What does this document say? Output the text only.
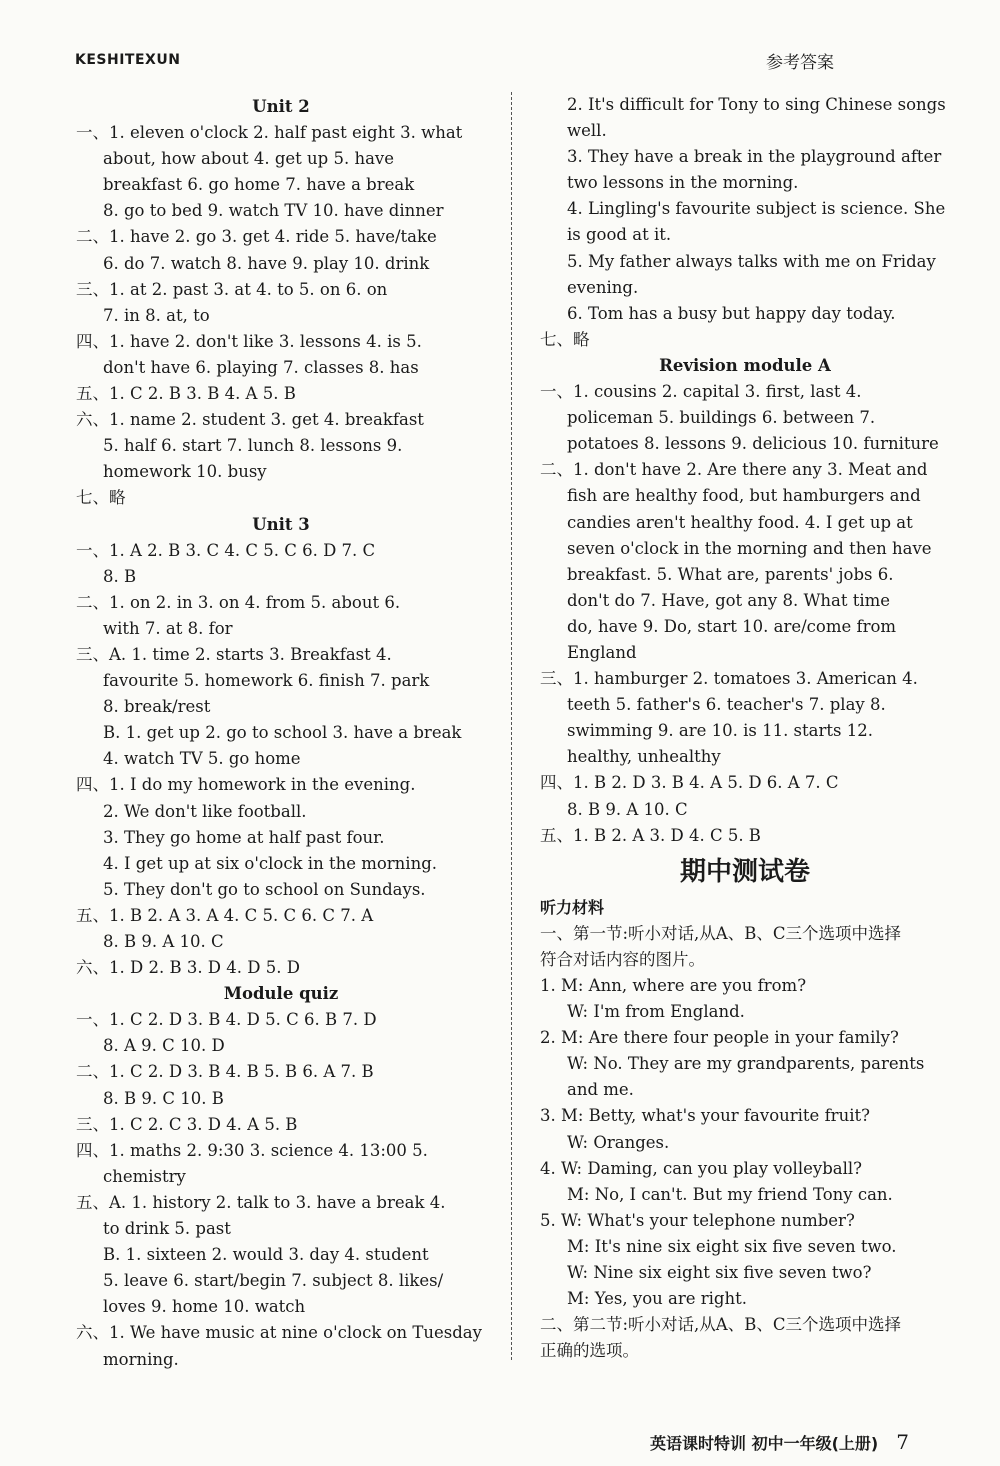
KESHITEXUN	参考答案
Unit 2
一、1. eleven o'clock 2. half past eight 3. what
about, how about 4. get up 5. have
breakfast 6. go home 7. have a break
8. go to bed 9. watch TV 10. have dinner
二、1. have 2. go 3. get 4. ride 5. have/take
6. do 7. watch 8. have 9. play 10. drink
三、1. at 2. past 3. at 4. to 5. on 6. on
7. in 8. at, to
四、1. have 2. don't like 3. lessons 4. is 5.
don't have 6. playing 7. classes 8. has
五、1. C 2. B 3. B 4. A 5. B
六、1. name 2. student 3. get 4. breakfast
5. half 6. start 7. lunch 8. lessons 9.
homework 10. busy
七、略
Unit 3
一、1. A 2. B 3. C 4. C 5. C 6. D 7. C
8. B
二、1. on 2. in 3. on 4. from 5. about 6.
with 7. at 8. for
三、A. 1. time 2. starts 3. Breakfast 4.
favourite 5. homework 6. finish 7. park
8. break/rest
B. 1. get up 2. go to school 3. have a break
4. watch TV 5. go home
四、1. I do my homework in the evening.
2. We don't like football.
3. They go home at half past four.
4. I get up at six o'clock in the morning.
5. They don't go to school on Sundays.
五、1. B 2. A 3. A 4. C 5. C 6. C 7. A
8. B 9. A 10. C
六、1. D 2. B 3. D 4. D 5. D
Module quiz
一、1. C 2. D 3. B 4. D 5. C 6. B 7. D
8. A 9. C 10. D
二、1. C 2. D 3. B 4. B 5. B 6. A 7. B
8. B 9. C 10. B
三、1. C 2. C 3. D 4. A 5. B
四、1. maths 2. 9:30 3. science 4. 13:00 5.
chemistry
五、A. 1. history 2. talk to 3. have a break 4.
to drink 5. past
B. 1. sixteen 2. would 3. day 4. student
5. leave 6. start/begin 7. subject 8. likes/
loves 9. home 10. watch
六、1. We have music at nine o'clock on Tuesday
morning.
2. It's difficult for Tony to sing Chinese songs
well.
3. They have a break in the playground after
two lessons in the morning.
4. Lingling's favourite subject is science. She
is good at it.
5. My father always talks with me on Friday
evening.
6. Tom has a busy but happy day today.
七、略
Revision module A
一、1. cousins 2. capital 3. first, last 4.
policeman 5. buildings 6. between 7.
potatoes 8. lessons 9. delicious 10. furniture
二、1. don't have 2. Are there any 3. Meat and
fish are healthy food, but hamburgers and
candies aren't healthy food. 4. I get up at
seven o'clock in the morning and then have
breakfast. 5. What are, parents' jobs 6.
don't do 7. Have, got any 8. What time
do, have 9. Do, start 10. are/come from
England
三、1. hamburger 2. tomatoes 3. American 4.
teeth 5. father's 6. teacher's 7. play 8.
swimming 9. are 10. is 11. starts 12.
healthy, unhealthy
四、1. B 2. D 3. B 4. A 5. D 6. A 7. C
8. B 9. A 10. C
五、1. B 2. A 3. D 4. C 5. B
期中测试卷
听力材料
一、第一节:听小对话,从A、B、C三个选项中选择
符合对话内容的图片。
1. M: Ann, where are you from?
W: I'm from England.
2. M: Are there four people in your family?
W: No. They are my grandparents, parents
and me.
3. M: Betty, what's your favourite fruit?
W: Oranges.
4. W: Daming, can you play volleyball?
M: No, I can't. But my friend Tony can.
5. W: What's your telephone number?
M: It's nine six eight six five seven two.
W: Nine six eight six five seven two?
M: Yes, you are right.
二、第二节:听小对话,从A、B、C三个选项中选择
正确的选项。
英语课时特训 初中一年级(上册) 7
